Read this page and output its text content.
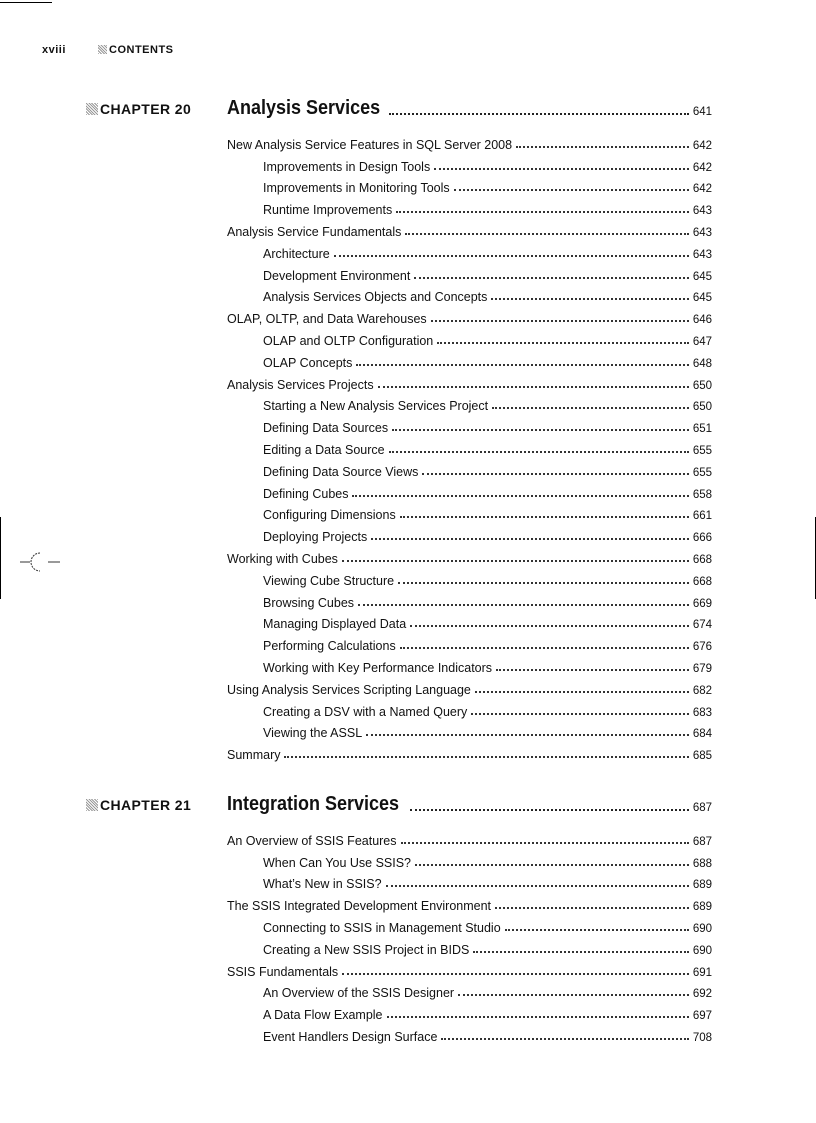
xviii	CONTENTS
CHAPTER 20 Analysis Services	641
New Analysis Service Features in SQL Server 2008	642
Improvements in Design Tools	642
Improvements in Monitoring Tools	642
Runtime Improvements	643
Analysis Service Fundamentals	643
Architecture	643
Development Environment	645
Analysis Services Objects and Concepts	645
OLAP, OLTP, and Data Warehouses	646
OLAP and OLTP Configuration	647
OLAP Concepts	648
Analysis Services Projects	650
Starting a New Analysis Services Project	650
Defining Data Sources	651
Editing a Data Source	655
Defining Data Source Views	655
Defining Cubes	658
Configuring Dimensions	661
Deploying Projects	666
Working with Cubes	668
Viewing Cube Structure	668
Browsing Cubes	669
Managing Displayed Data	674
Performing Calculations	676
Working with Key Performance Indicators	679
Using Analysis Services Scripting Language	682
Creating a DSV with a Named Query	683
Viewing the ASSL	684
Summary	685
CHAPTER 21 Integration Services	687
An Overview of SSIS Features	687
When Can You Use SSIS?	688
What’s New in SSIS?	689
The SSIS Integrated Development Environment	689
Connecting to SSIS in Management Studio	690
Creating a New SSIS Project in BIDS	690
SSIS Fundamentals	691
An Overview of the SSIS Designer	692
A Data Flow Example	697
Event Handlers Design Surface	708
